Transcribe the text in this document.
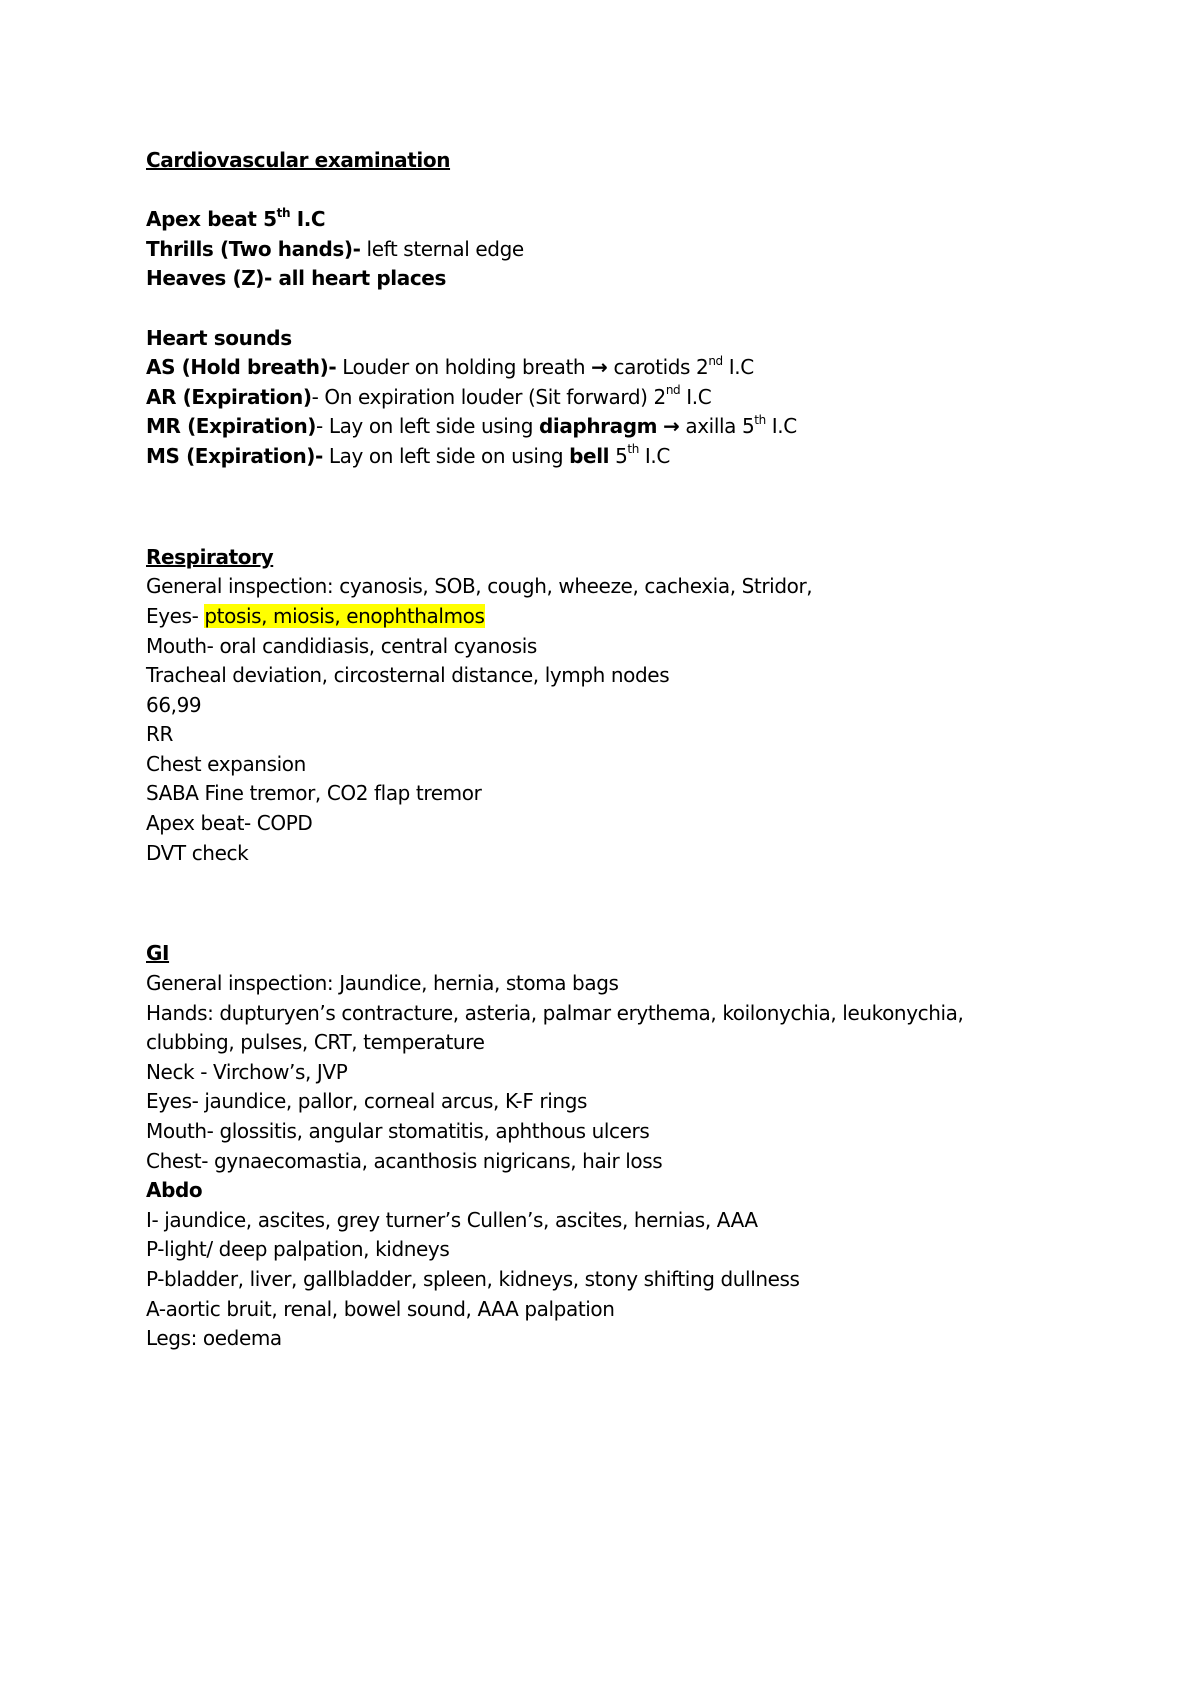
Cardiovascular examination
Apex beat 5th I.C
Thrills (Two hands)- left sternal edge
Heaves (Z)- all heart places
Heart sounds
AS (Hold breath)- Louder on holding breath → carotids 2nd I.C
AR (Expiration)- On expiration louder (Sit forward) 2nd I.C
MR (Expiration)- Lay on left side using diaphragm → axilla 5th I.C
MS (Expiration)- Lay on left side on using bell 5th I.C
Respiratory
General inspection: cyanosis, SOB, cough, wheeze, cachexia, Stridor,
Eyes- ptosis, miosis, enophthalmos
Mouth- oral candidiasis, central cyanosis
Tracheal deviation, circosternal distance, lymph nodes
66,99
RR
Chest expansion
SABA Fine tremor, CO2 flap tremor
Apex beat- COPD
DVT check
GI
General inspection: Jaundice, hernia, stoma bags
Hands: dupturyen’s contracture, asteria, palmar erythema, koilonychia, leukonychia,
clubbing, pulses, CRT, temperature
Neck - Virchow’s, JVP
Eyes- jaundice, pallor, corneal arcus, K-F rings
Mouth- glossitis, angular stomatitis, aphthous ulcers
Chest- gynaecomastia, acanthosis nigricans, hair loss
Abdo
I- jaundice, ascites, grey turner’s Cullen’s, ascites, hernias, AAA
P-light/ deep palpation, kidneys
P-bladder, liver, gallbladder, spleen, kidneys, stony shifting dullness
A-aortic bruit, renal, bowel sound, AAA palpation
Legs: oedema
